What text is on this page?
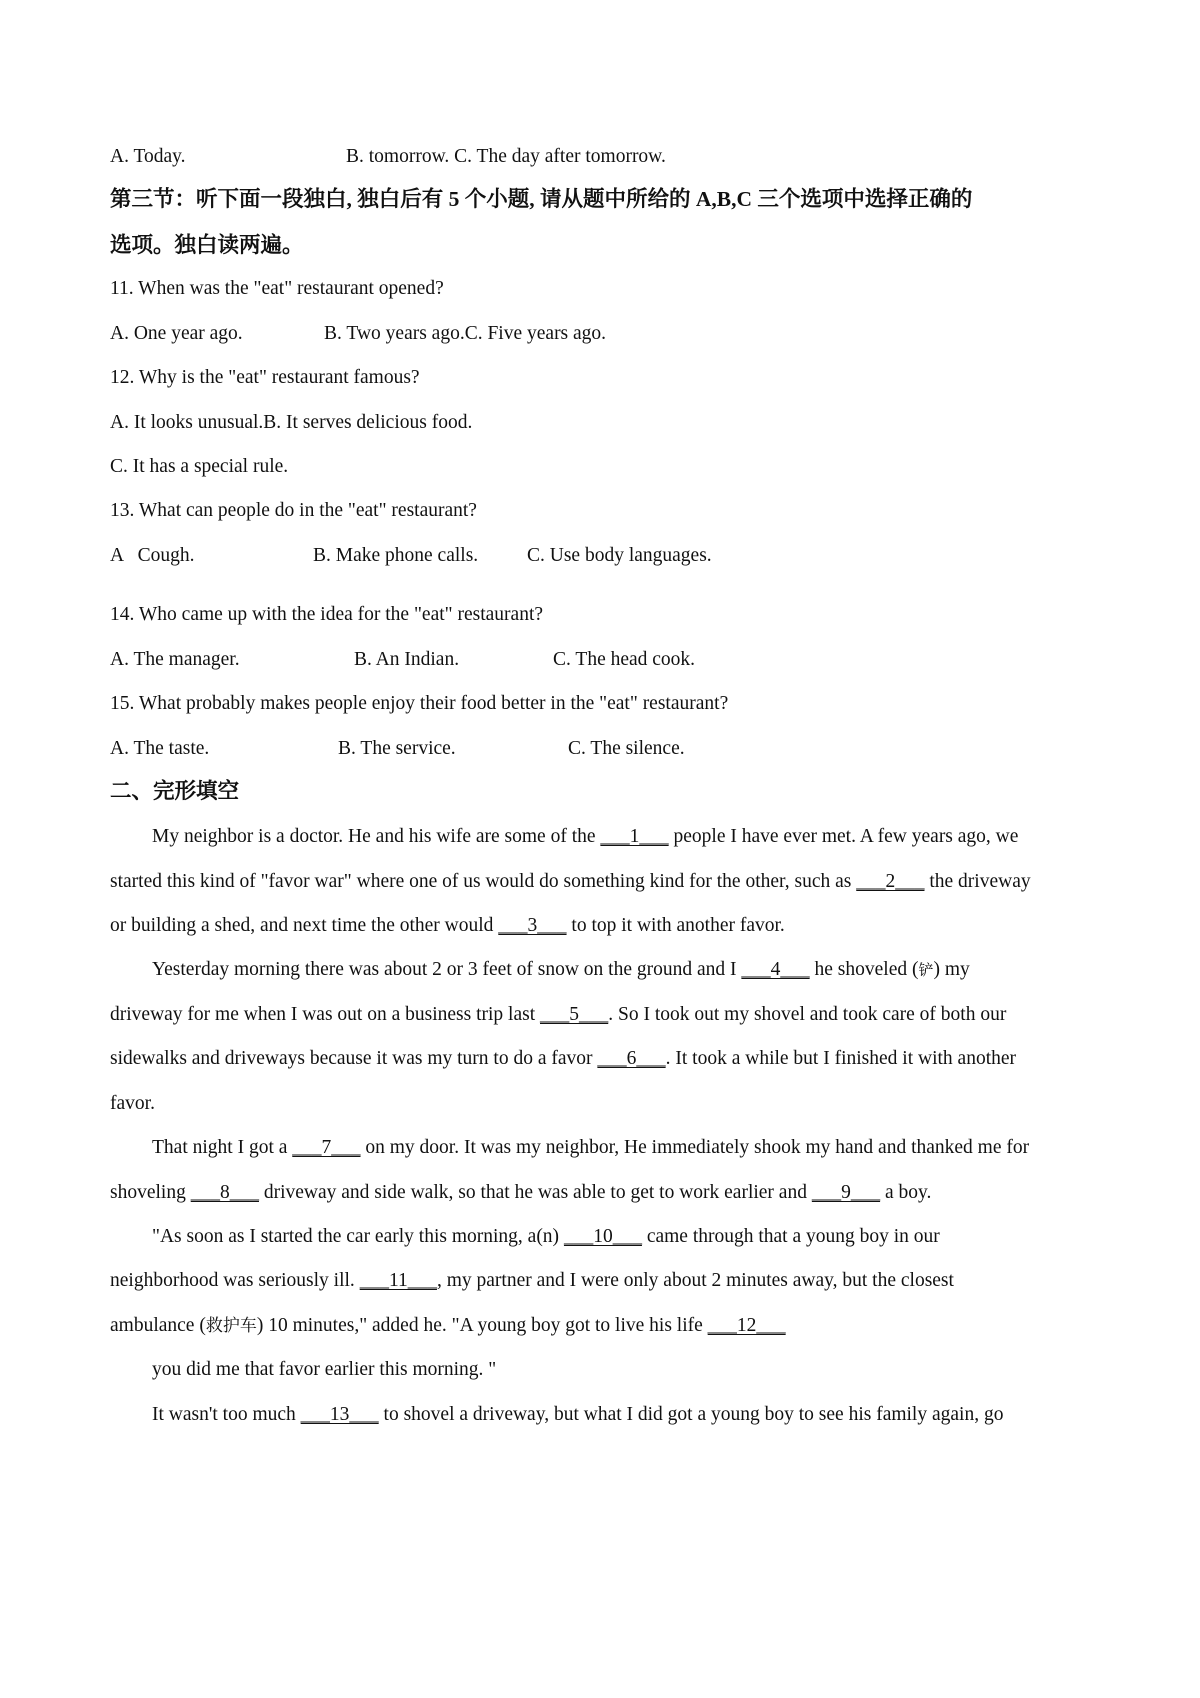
A. Today.	B. tomorrow. C. The day after tomorrow.
第三节：听下面一段独白, 独白后有 5 个小题, 请从题中所给的 A,B,C 三个选项中选择正确的
选项。独白读两遍。
11. When was the "eat" restaurant opened?
A. One year ago.	B. Two years ago.C. Five years ago.
12. Why is the "eat" restaurant famous?
A. It looks unusual.B. It serves delicious food.
C. It has a special rule.
13. What can people do in the "eat" restaurant?
A   Cough.	B. Make phone calls.	C. Use body languages.
14. Who came up with the idea for the "eat" restaurant?
A. The manager.	B. An Indian.	C. The head cook.
15. What probably makes people enjoy their food better in the "eat" restaurant?
A. The taste.	B. The service.	C. The silence.
二、完形填空
My neighbor is a doctor. He and his wife are some of the ___1___ people I have ever met. A few years ago, we
started this kind of "favor war" where one of us would do something kind for the other, such as ___2___ the driveway
or building a shed, and next time the other would ___3___ to top it with another favor.
Yesterday morning there was about 2 or 3 feet of snow on the ground and I ___4___ he shoveled (铲) my
driveway for me when I was out on a business trip last ___5___. So I took out my shovel and took care of both our
sidewalks and driveways because it was my turn to do a favor ___6___. It took a while but I finished it with another
favor.
That night I got a ___7___ on my door. It was my neighbor, He immediately shook my hand and thanked me for
shoveling ___8___ driveway and side walk, so that he was able to get to work earlier and ___9___ a boy.
"As soon as I started the car early this morning, a(n) ___10___ came through that a young boy in our
neighborhood was seriously ill. ___11___, my partner and I were only about 2 minutes away, but the closest
ambulance (救护车) 10 minutes," added he. "A young boy got to live his life ___12___
you did me that favor earlier this morning. "
It wasn't too much ___13___ to shovel a driveway, but what I did got a young boy to see his family again, go
